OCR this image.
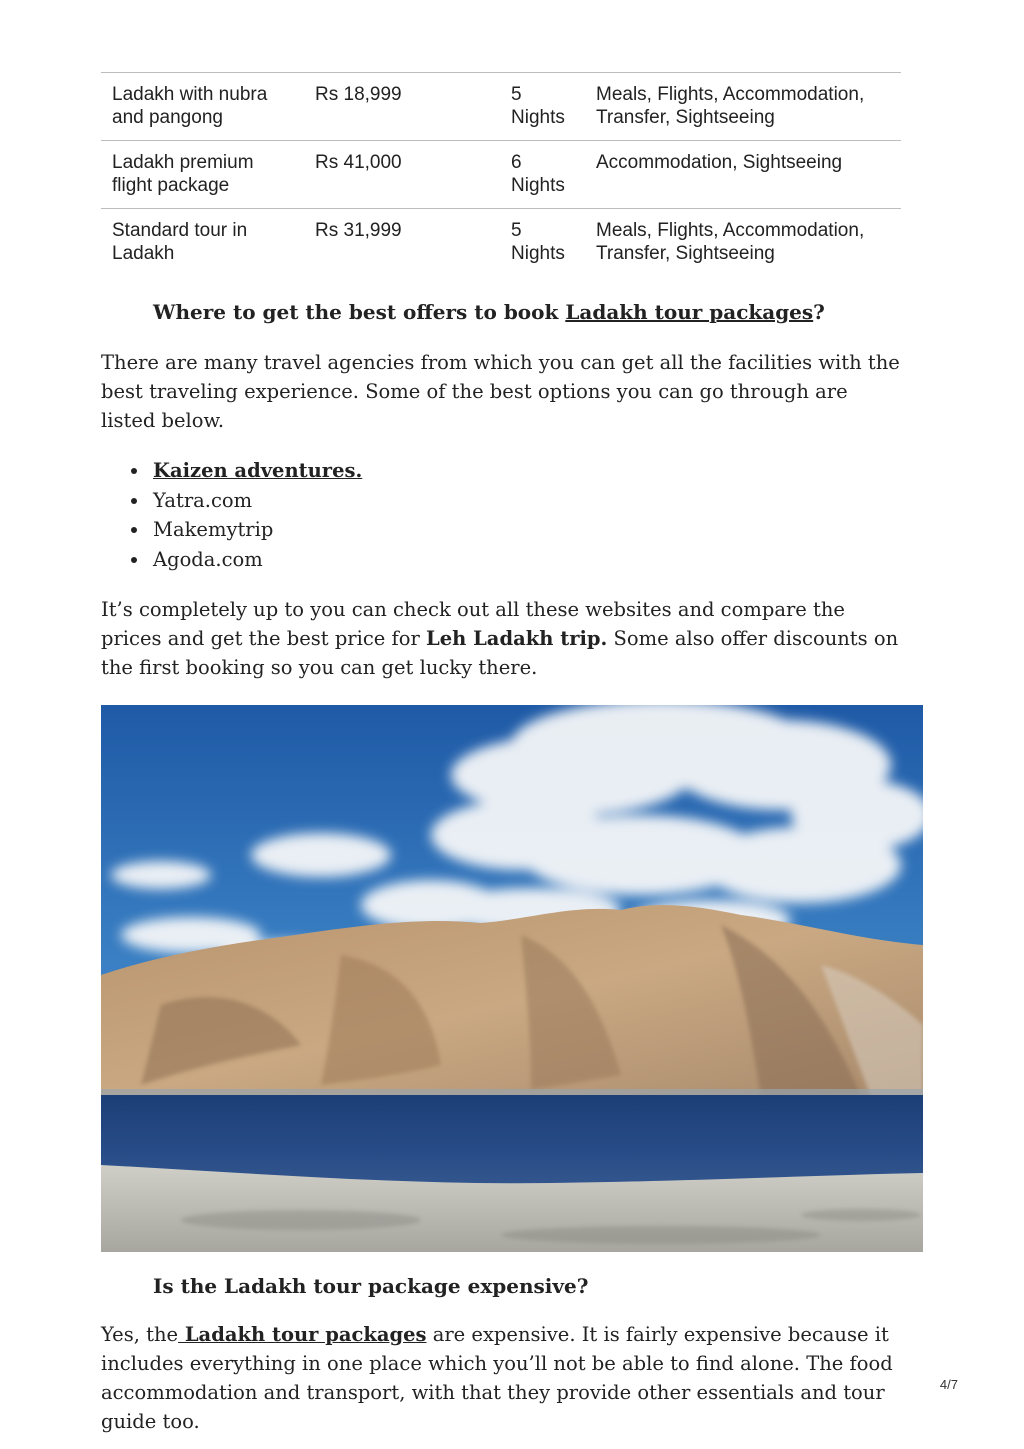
Ladakh with nubra and pangong	Rs 18,999	5 Nights	Meals, Flights, Accommodation, Transfer, Sightseeing
Ladakh premium flight package	Rs 41,000	6 Nights	Accommodation, Sightseeing
Standard tour in Ladakh	Rs 31,999	5 Nights	Meals, Flights, Accommodation, Transfer, Sightseeing
Where to get the best offers to book Ladakh tour packages?

There are many travel agencies from which you can get all the facilities with the best traveling experience. Some of the best options you can go through are listed below.

Kaizen adventures.
Yatra.com
Makemytrip
Agoda.com

It’s completely up to you can check out all these websites and compare the prices and get the best price for Leh Ladakh trip. Some also offer discounts on the first booking so you can get lucky there.

Is the Ladakh tour package expensive?

Yes, the Ladakh tour packages are expensive. It is fairly expensive because it includes everything in one place which you’ll not be able to find alone. The food accommodation and transport, with that they provide other essentials and tour guide too.

4/7
